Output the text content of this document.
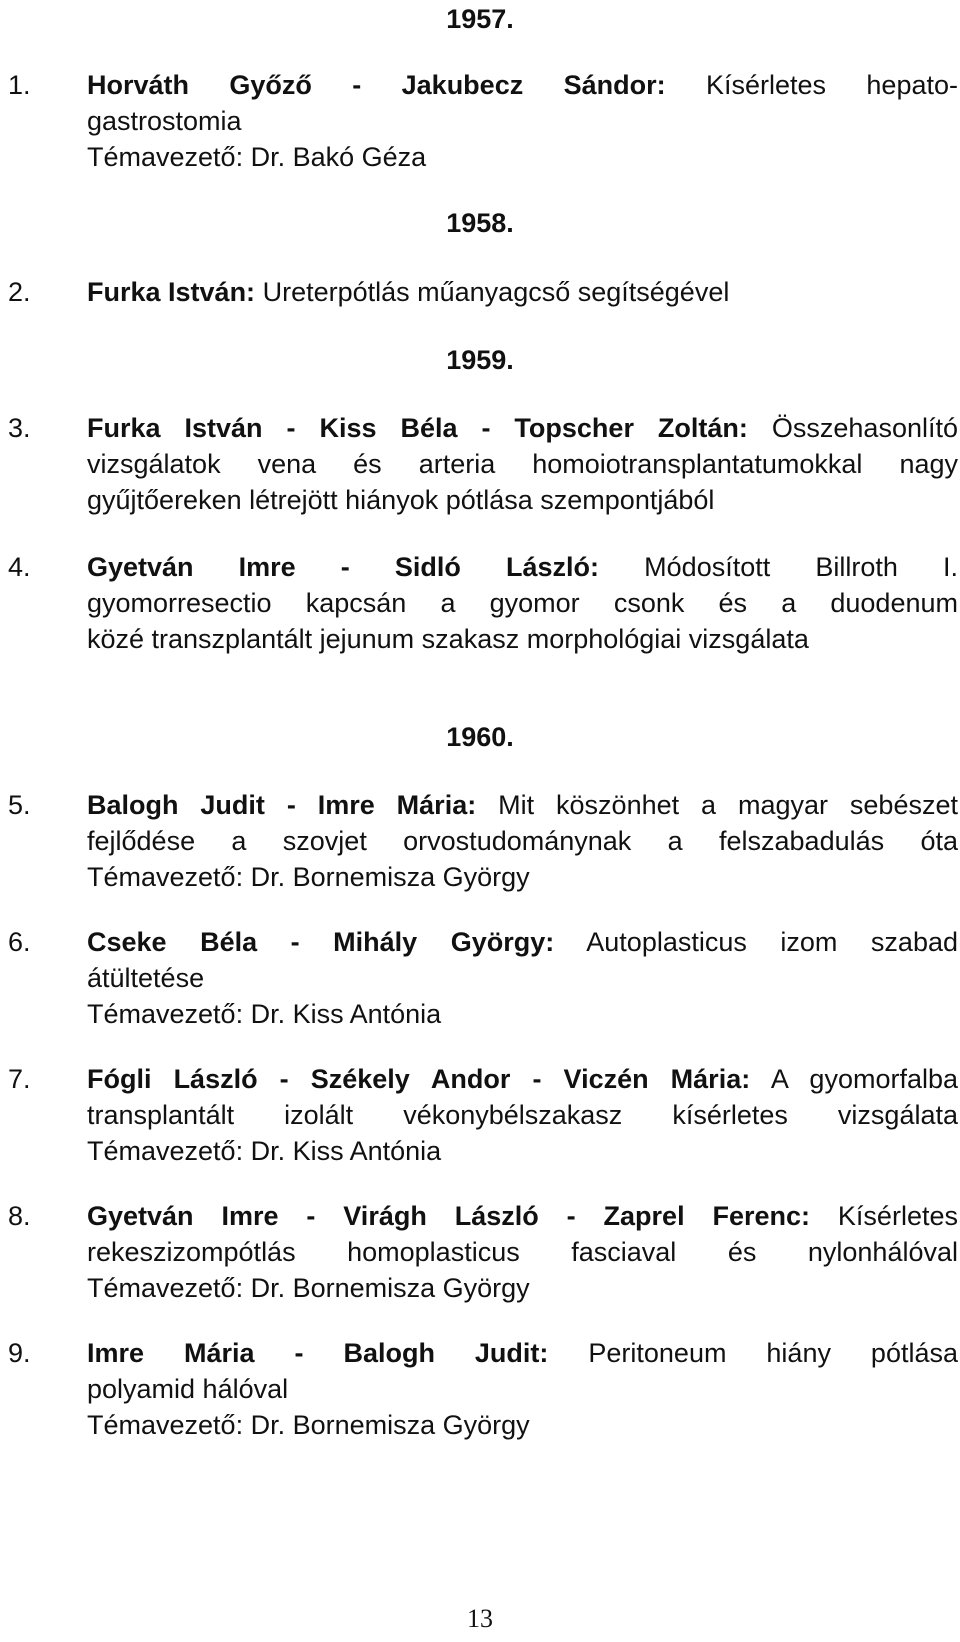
1957.
1. Horváth Győző - Jakubecz Sándor: Kísérletes hepato-
gastrostomia
Témavezető: Dr. Bakó Géza
1958.
2. Furka István: Ureterpótlás műanyagcső segítségével
1959.
3. Furka István - Kiss Béla - Topscher Zoltán: Összehasonlító
vizsgálatok vena és arteria homoiotransplantatumokkal nagy
gyűjtőereken létrejött hiányok pótlása szempontjából
4. Gyetván Imre - Sidló László: Módosított Billroth I.
gyomorresectio kapcsán a gyomor csonk és a duodenum
közé transzplantált jejunum szakasz morphológiai vizsgálata
1960.
5. Balogh Judit - Imre Mária: Mit köszönhet a magyar sebészet
fejlődése a szovjet orvostudománynak a felszabadulás óta
Témavezető: Dr. Bornemisza György
6. Cseke Béla - Mihály György: Autoplasticus izom szabad
átültetése
Témavezető: Dr. Kiss Antónia
7. Fógli László - Székely Andor - Viczén Mária: A gyomorfalba
transplantált izolált vékonybélszakasz kísérletes vizsgálata
Témavezető: Dr. Kiss Antónia
8. Gyetván Imre - Virágh László - Zaprel Ferenc: Kísérletes
rekeszizompótlás homoplasticus fasciaval és nylonhálóval
Témavezető: Dr. Bornemisza György
9. Imre Mária - Balogh Judit: Peritoneum hiány pótlása
polyamid hálóval
Témavezető: Dr. Bornemisza György
13
